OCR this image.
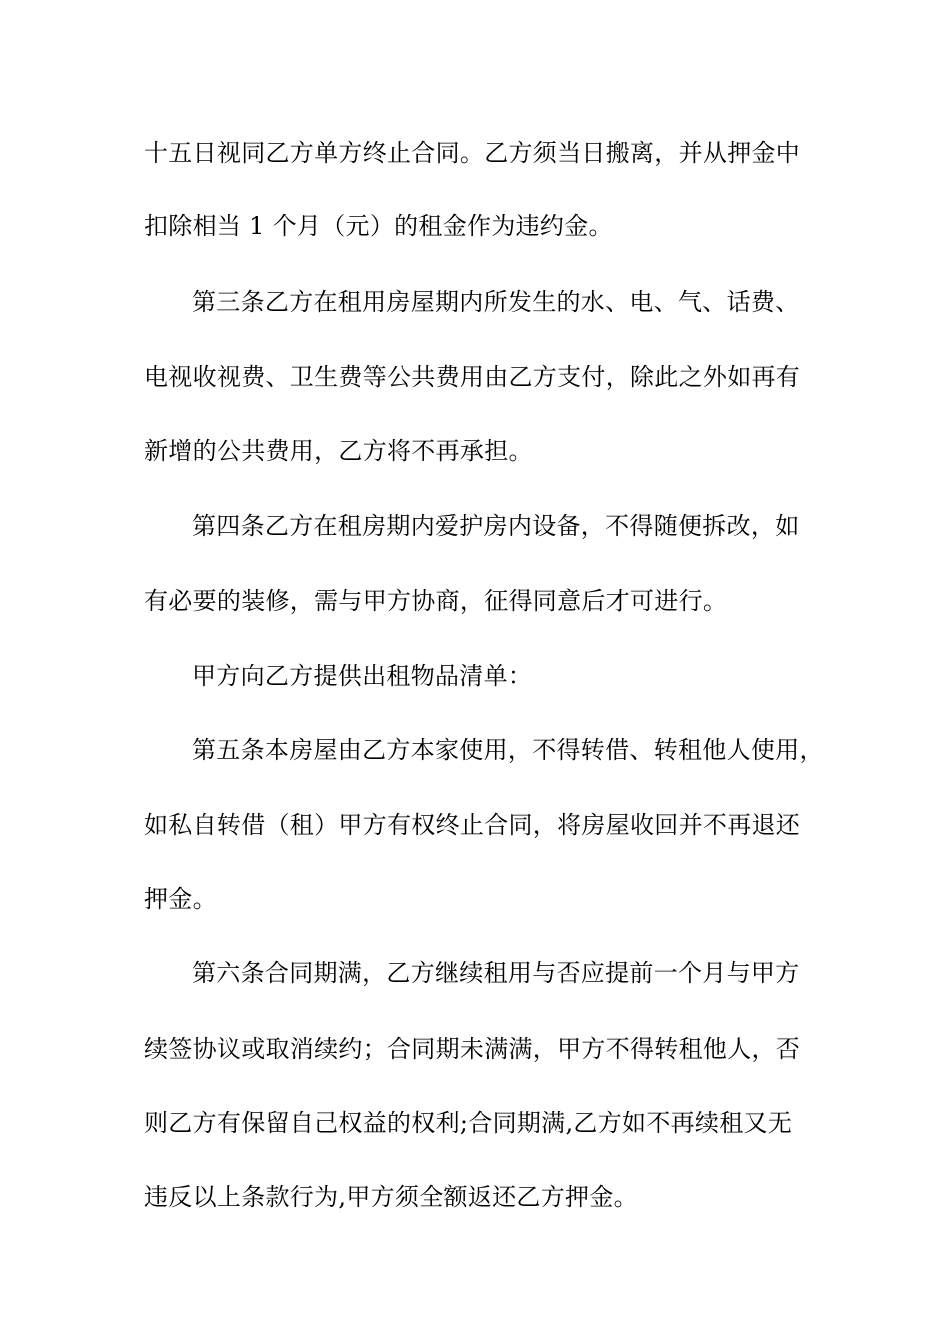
十五日视同乙方单方终止合同。乙方须当日搬离，并从押金中
扣除相当 1 个月（元）的租金作为违约金。
第三条乙方在租用房屋期内所发生的水、电、气、话费、
电视收视费、卫生费等公共费用由乙方支付，除此之外如再有
新增的公共费用，乙方将不再承担。
第四条乙方在租房期内爱护房内设备，不得随便拆改，如
有必要的装修，需与甲方协商，征得同意后才可进行。
甲方向乙方提供出租物品清单：
第五条本房屋由乙方本家使用，不得转借、转租他人使用，
如私自转借（租）甲方有权终止合同，将房屋收回并不再退还
押金。
第六条合同期满，乙方继续租用与否应提前一个月与甲方
续签协议或取消续约；合同期未满满，甲方不得转租他人，否
则乙方有保留自己权益的权利;合同期满,乙方如不再续租又无
违反以上条款行为,甲方须全额返还乙方押金。
